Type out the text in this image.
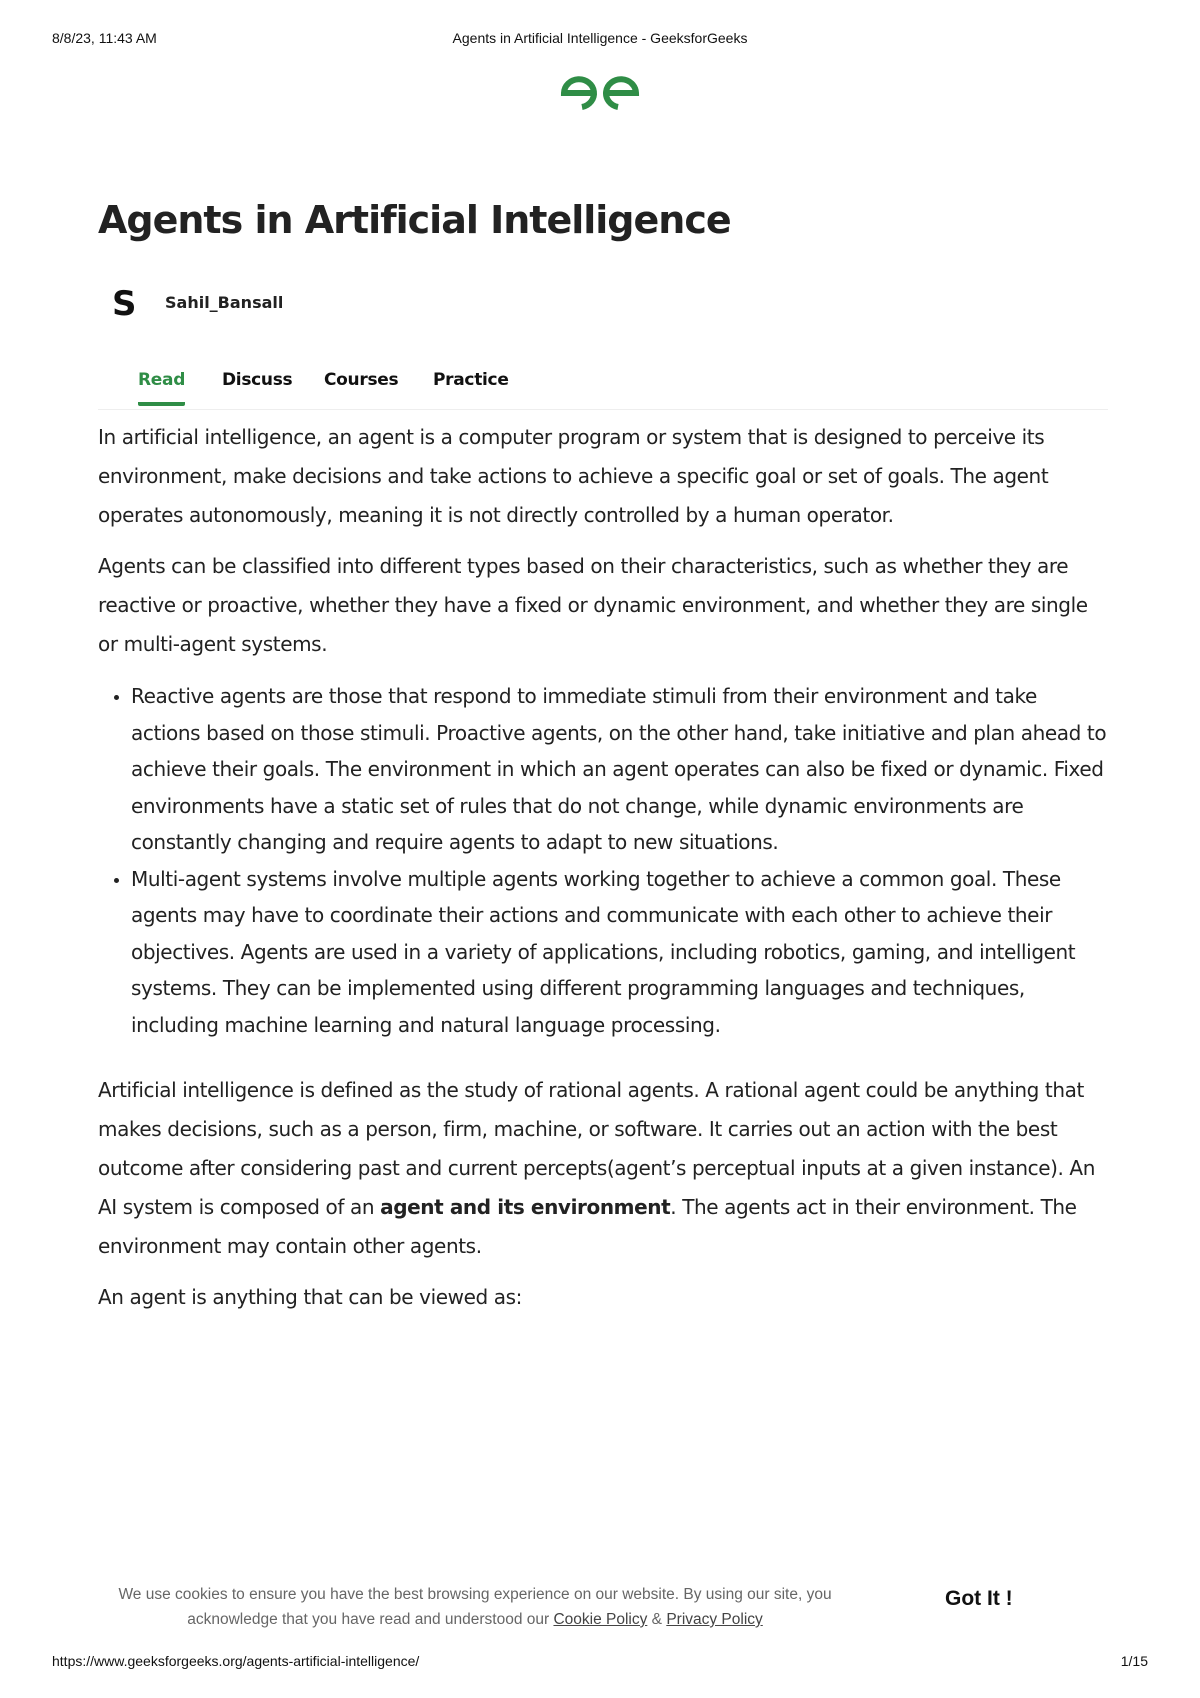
8/8/23, 11:43 AM	Agents in Artificial Intelligence - GeeksforGeeks
Agents in Artificial Intelligence
S Sahil_Bansall
Read Discuss Courses Practice

In artificial intelligence, an agent is a computer program or system that is designed to perceive its environment, make decisions and take actions to achieve a specific goal or set of goals. The agent operates autonomously, meaning it is not directly controlled by a human operator.

Agents can be classified into different types based on their characteristics, such as whether they are reactive or proactive, whether they have a fixed or dynamic environment, and whether they are single or multi-agent systems.

• Reactive agents are those that respond to immediate stimuli from their environment and take actions based on those stimuli. Proactive agents, on the other hand, take initiative and plan ahead to achieve their goals. The environment in which an agent operates can also be fixed or dynamic. Fixed environments have a static set of rules that do not change, while dynamic environments are constantly changing and require agents to adapt to new situations.
• Multi-agent systems involve multiple agents working together to achieve a common goal. These agents may have to coordinate their actions and communicate with each other to achieve their objectives. Agents are used in a variety of applications, including robotics, gaming, and intelligent systems. They can be implemented using different programming languages and techniques, including machine learning and natural language processing.

Artificial intelligence is defined as the study of rational agents. A rational agent could be anything that makes decisions, such as a person, firm, machine, or software. It carries out an action with the best outcome after considering past and current percepts(agent’s perceptual inputs at a given instance). An AI system is composed of an agent and its environment. The agents act in their environment. The environment may contain other agents.

An agent is anything that can be viewed as:

We use cookies to ensure you have the best browsing experience on our website. By using our site, you acknowledge that you have read and understood our Cookie Policy & Privacy Policy
Got It !
https://www.geeksforgeeks.org/agents-artificial-intelligence/	1/15
